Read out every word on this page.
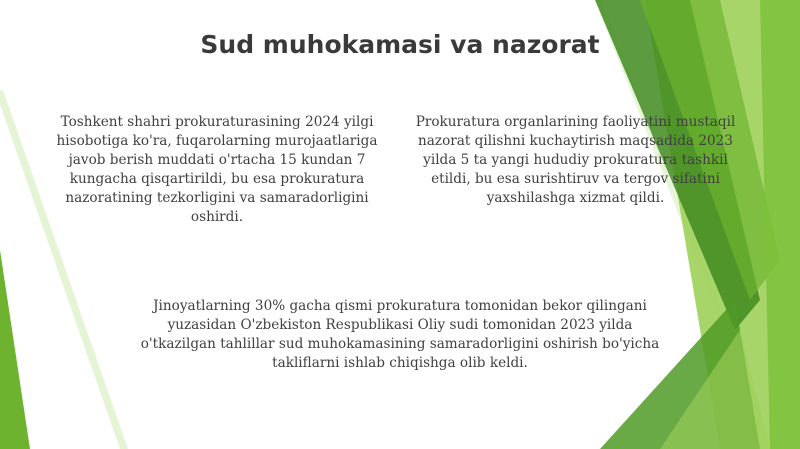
Sud muhokamasi va nazorat

Toshkent shahri prokuraturasining 2024 yilgi hisobotiga ko'ra, fuqarolarning murojaatlariga javob berish muddati o'rtacha 15 kundan 7 kungacha qisqartirildi, bu esa prokuratura nazoratining tezkorligini va samaradorligini oshirdi.

Prokuratura organlarining faoliyatini mustaqil nazorat qilishni kuchaytirish maqsadida 2023 yilda 5 ta yangi hududiy prokuratura tashkil etildi, bu esa surishtiruv va tergov sifatini yaxshilashga xizmat qildi.

Jinoyatlarning 30% gacha qismi prokuratura tomonidan bekor qilingani yuzasidan O'zbekiston Respublikasi Oliy sudi tomonidan 2023 yilda o'tkazilgan tahlillar sud muhokamasining samaradorligini oshirish bo'yicha takliflarni ishlab chiqishga olib keldi.
